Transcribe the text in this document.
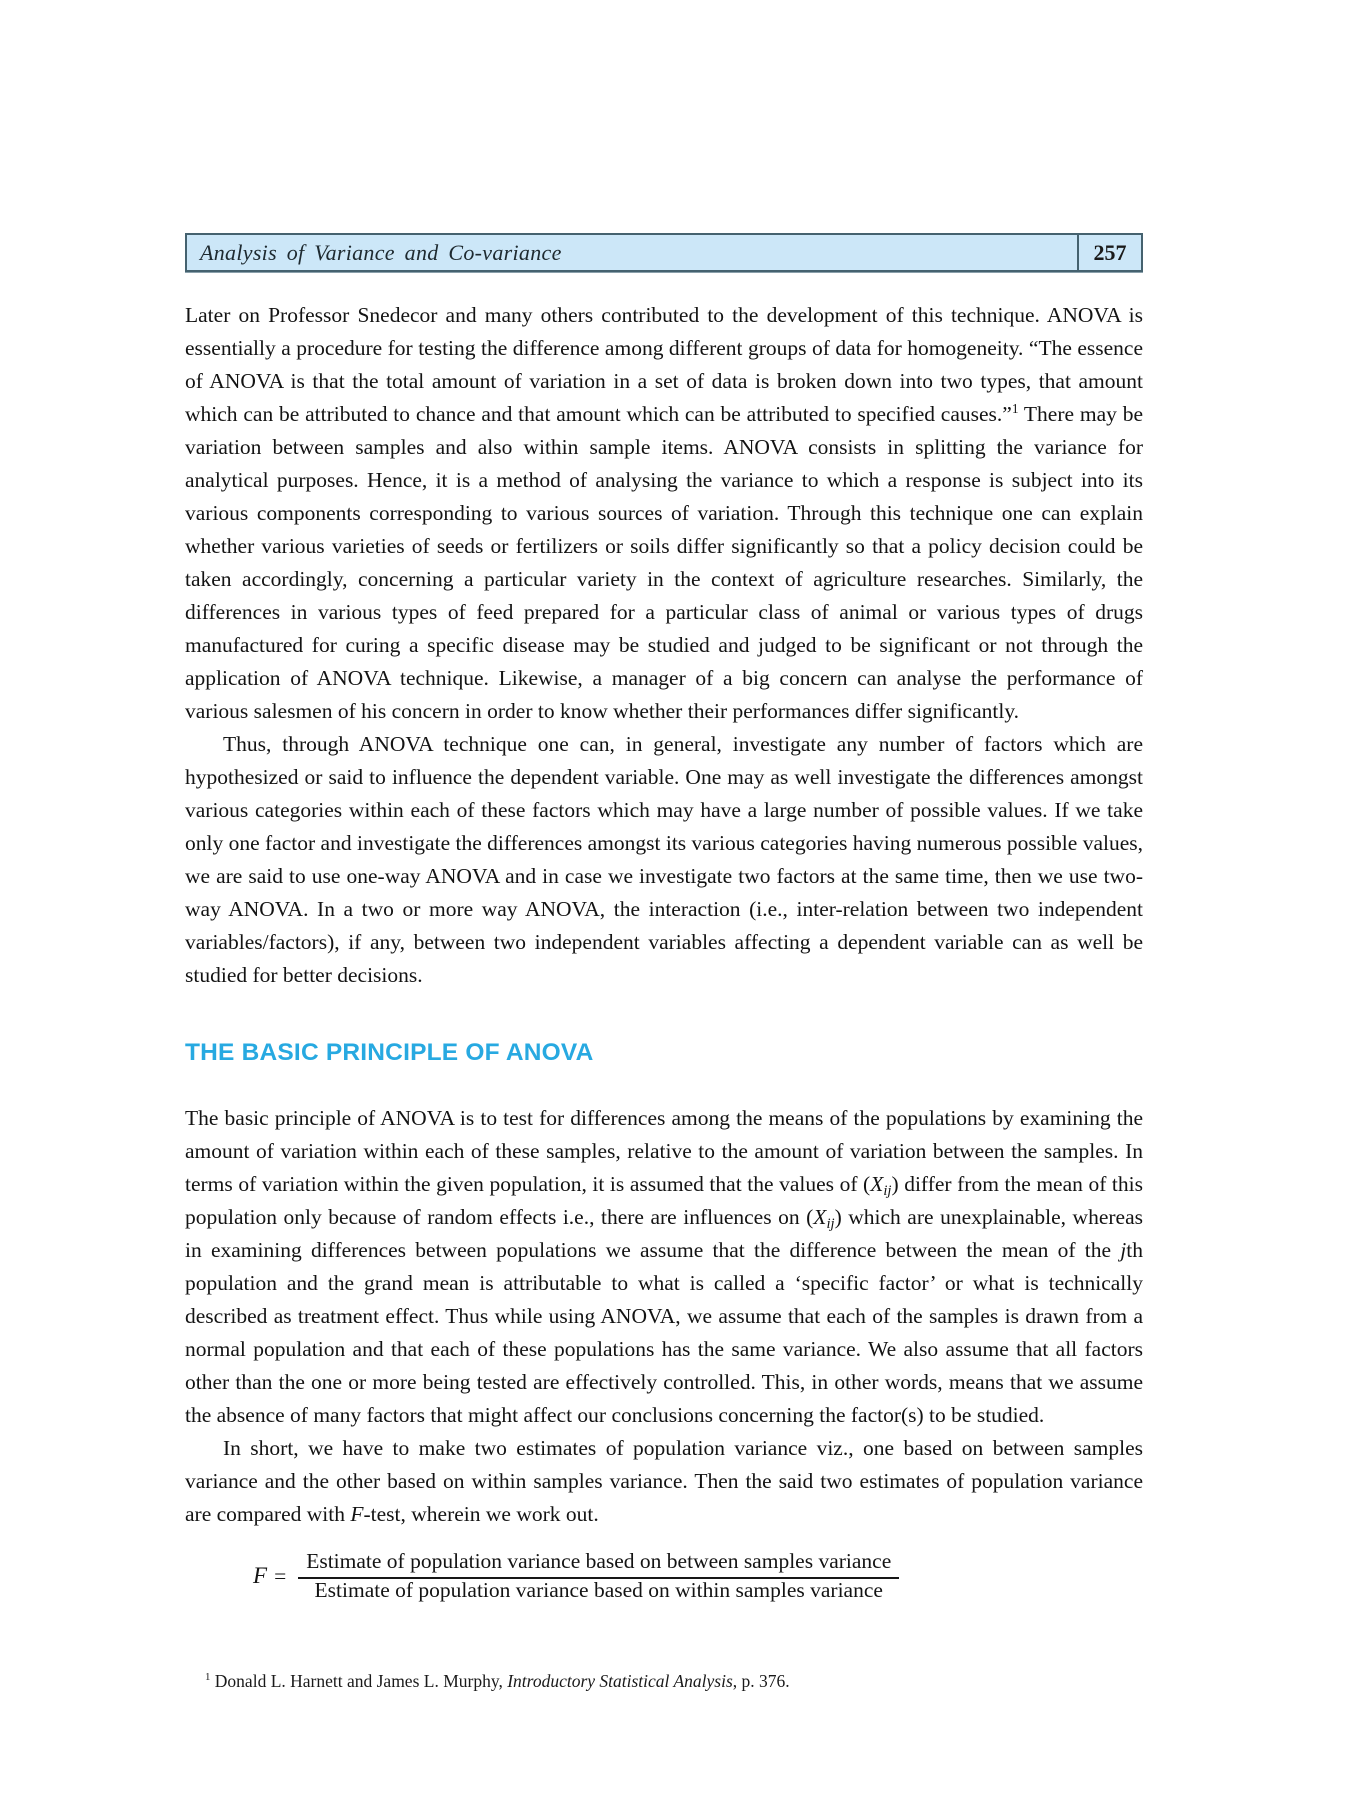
Analysis of Variance and Co-variance	257

Later on Professor Snedecor and many others contributed to the development of this technique. ANOVA is essentially a procedure for testing the difference among different groups of data for homogeneity. “The essence of ANOVA is that the total amount of variation in a set of data is broken down into two types, that amount which can be attributed to chance and that amount which can be attributed to specified causes.”$^1$ There may be variation between samples and also within sample items. ANOVA consists in splitting the variance for analytical purposes. Hence, it is a method of analysing the variance to which a response is subject into its various components corresponding to various sources of variation. Through this technique one can explain whether various varieties of seeds or fertilizers or soils differ significantly so that a policy decision could be taken accordingly, concerning a particular variety in the context of agriculture researches. Similarly, the differences in various types of feed prepared for a particular class of animal or various types of drugs manufactured for curing a specific disease may be studied and judged to be significant or not through the application of ANOVA technique. Likewise, a manager of a big concern can analyse the performance of various salesmen of his concern in order to know whether their performances differ significantly.

Thus, through ANOVA technique one can, in general, investigate any number of factors which are hypothesized or said to influence the dependent variable. One may as well investigate the differences amongst various categories within each of these factors which may have a large number of possible values. If we take only one factor and investigate the differences amongst its various categories having numerous possible values, we are said to use one-way ANOVA and in case we investigate two factors at the same time, then we use two-way ANOVA. In a two or more way ANOVA, the interaction (i.e., inter-relation between two independent variables/factors), if any, between two independent variables affecting a dependent variable can as well be studied for better decisions.

THE BASIC PRINCIPLE OF ANOVA

The basic principle of ANOVA is to test for differences among the means of the populations by examining the amount of variation within each of these samples, relative to the amount of variation between the samples. In terms of variation within the given population, it is assumed that the values of (Xij) differ from the mean of this population only because of random effects i.e., there are influences on (Xij) which are unexplainable, whereas in examining differences between populations we assume that the difference between the mean of the jth population and the grand mean is attributable to what is called a ‘specific factor’ or what is technically described as treatment effect. Thus while using ANOVA, we assume that each of the samples is drawn from a normal population and that each of these populations has the same variance. We also assume that all factors other than the one or more being tested are effectively controlled. This, in other words, means that we assume the absence of many factors that might affect our conclusions concerning the factor(s) to be studied.

In short, we have to make two estimates of population variance viz., one based on between samples variance and the other based on within samples variance. Then the said two estimates of population variance are compared with F-test, wherein we work out.

F =
Estimate of population variance based on between samples variance
Estimate of population variance based on within samples variance
$^1$ Donald L. Harnett and James L. Murphy, Introductory Statistical Analysis, p. 376.
